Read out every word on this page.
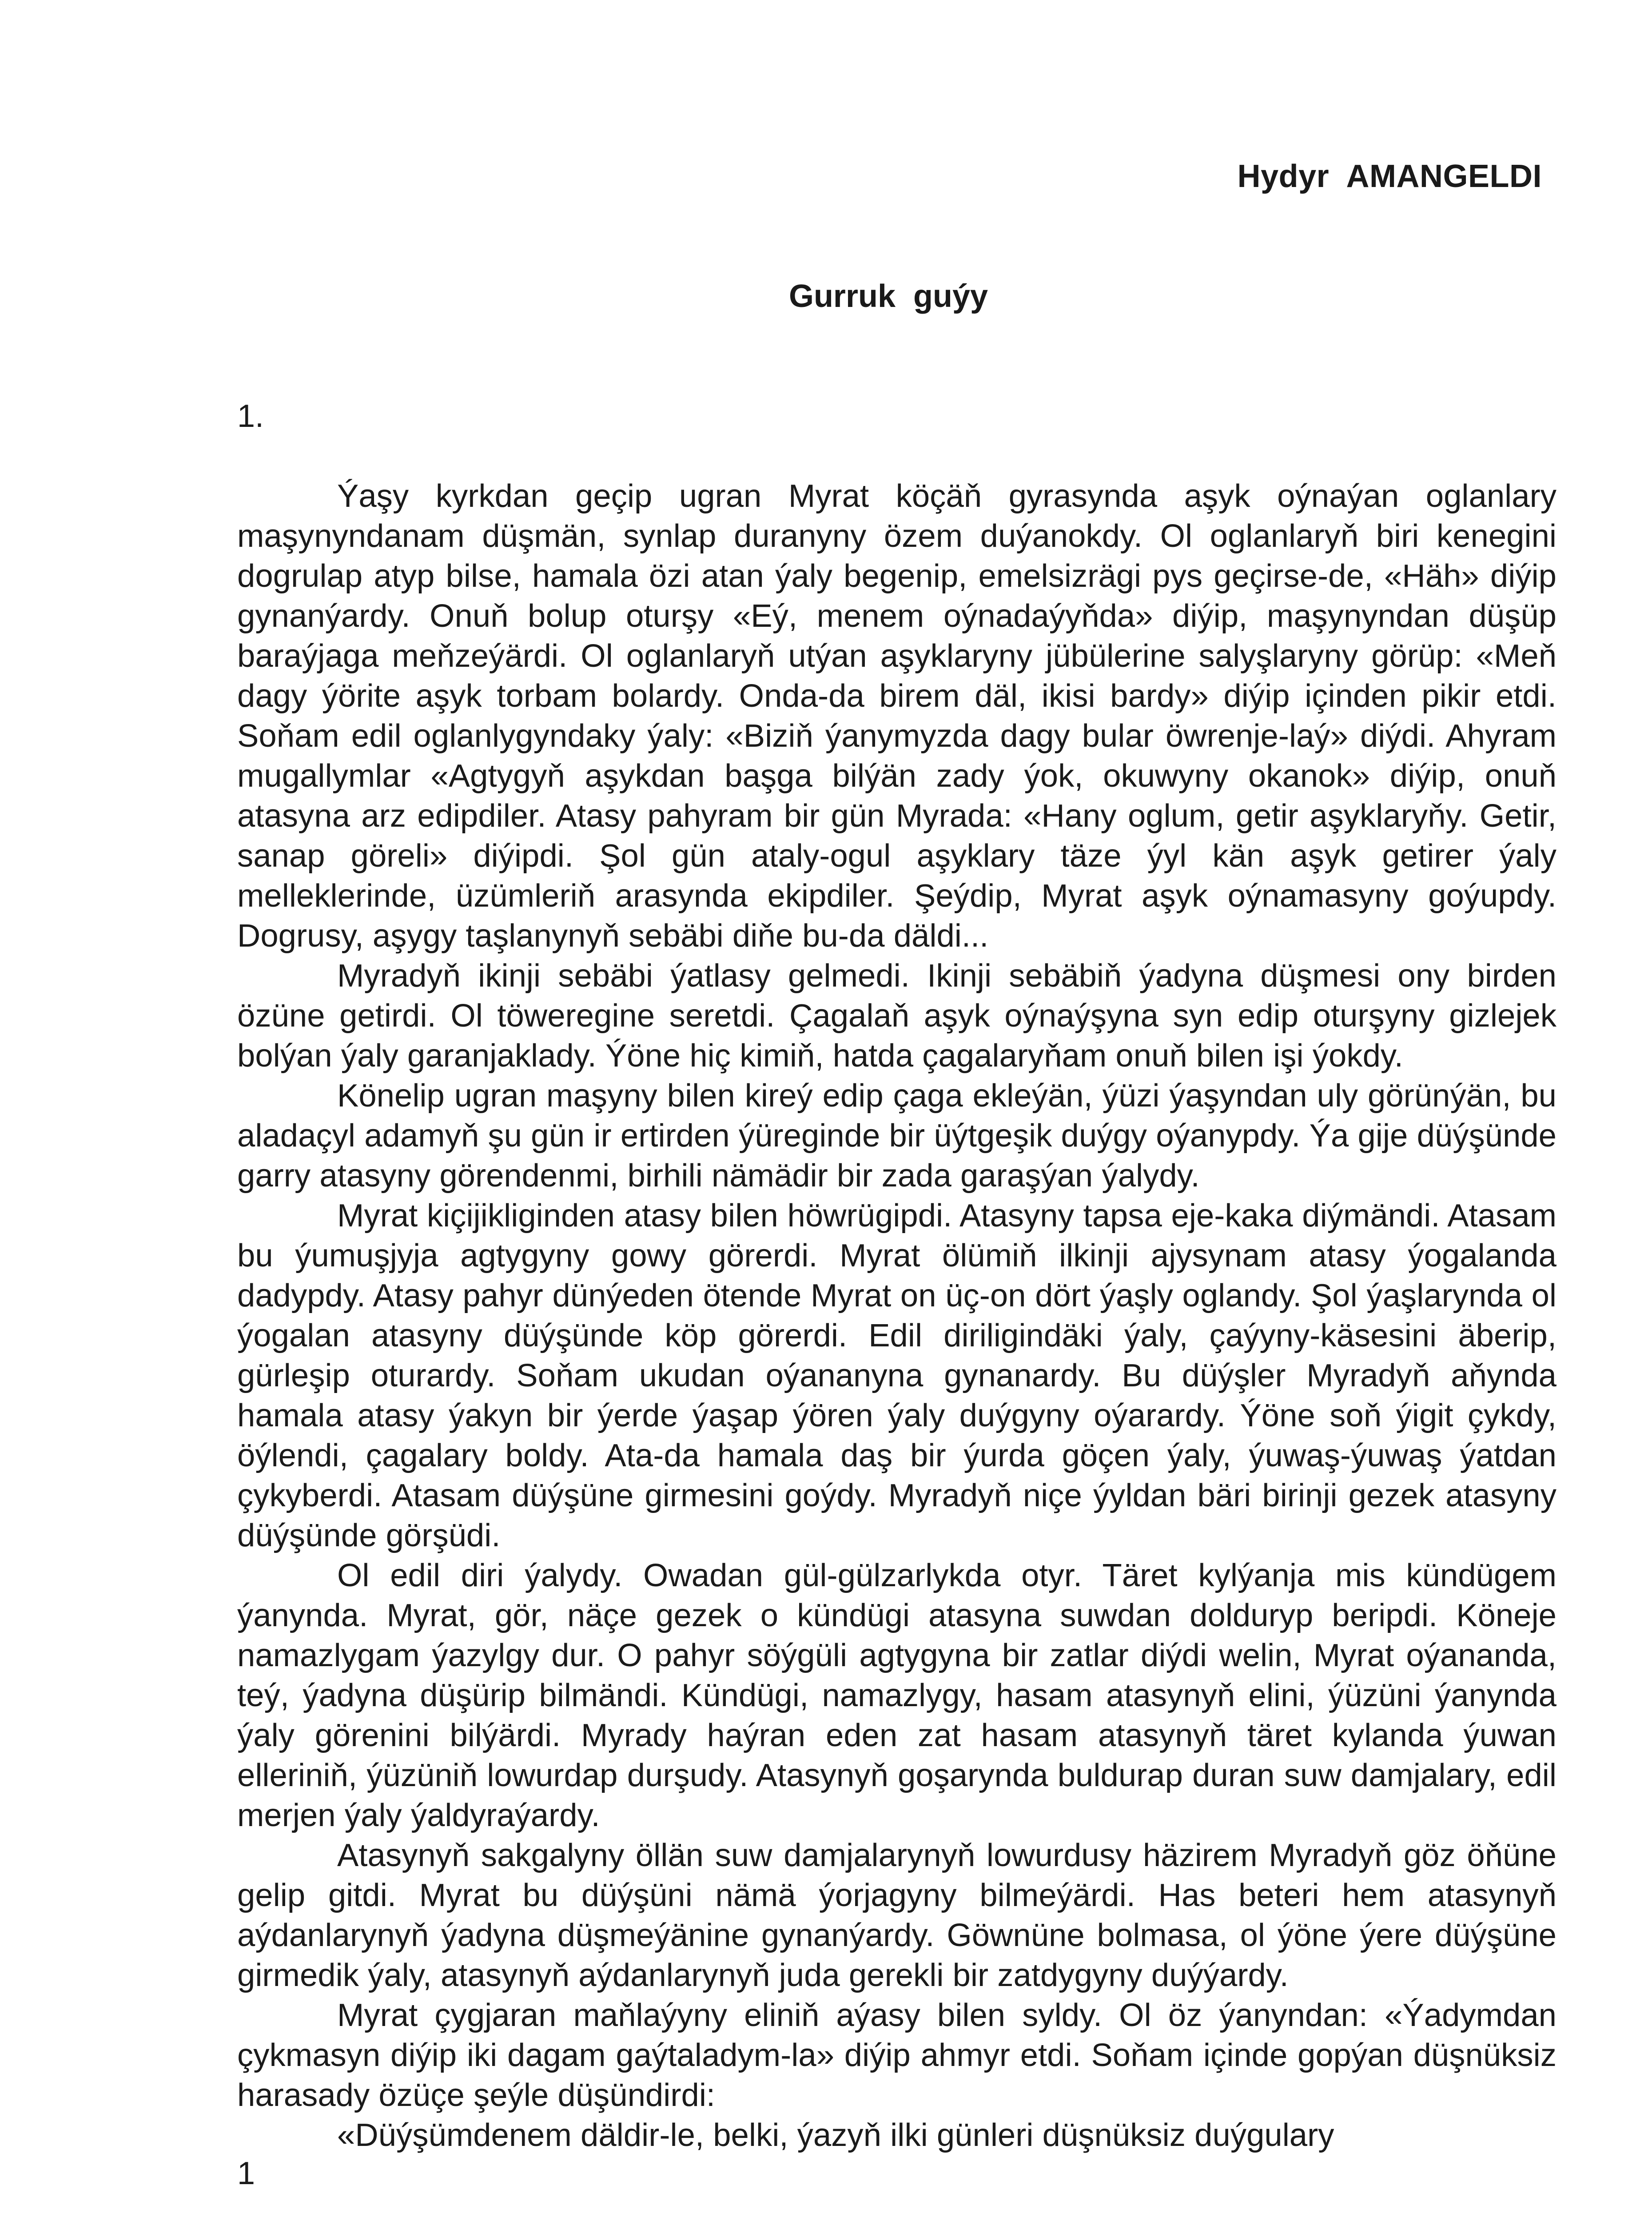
Hydyr  AMANGELDI
Gurruk  guýy
1.

Ýaşy kyrkdan geçip ugran Myrat köçäň gyrasynda aşyk oýnaýan oglanlary maşynyndanam düşmän, synlap duranyny özem duýanokdy. Ol oglanlaryň biri kenegini dogrulap atyp bilse, hamala özi atan ýaly begenip, emelsizrägi pys geçirse-de, «Häh» diýip gynanýardy. Onuň bolup oturşy «Eý, menem oýnadaýyňda» diýip, maşynyndan düşüp baraýjaga meňzeýärdi. Ol oglanlaryň utýan aşyklaryny jübülerine salyşlaryny görüp: «Meň dagy ýörite aşyk torbam bolardy. Onda-da birem däl, ikisi bardy» diýip içinden pikir etdi. Soňam edil oglanlygyndaky ýaly: «Biziň ýanymyzda dagy bular öwrenje-laý» diýdi. Ahyram mugallymlar «Agtygyň aşykdan başga bilýän zady ýok, okuwyny okanok» diýip, onuň atasyna arz edipdiler. Atasy pahyram bir gün Myrada: «Hany oglum, getir aşyklaryňy. Getir, sanap göreli» diýipdi. Şol gün ataly-ogul aşyklary täze ýyl kän aşyk getirer ýaly melleklerinde, üzümleriň arasynda ekipdiler. Şeýdip, Myrat aşyk oýnamasyny goýupdy. Dogrusy, aşygy taşlanynyň sebäbi diňe bu-da däldi...

Myradyň ikinji sebäbi ýatlasy gelmedi. Ikinji sebäbiň ýadyna düşmesi ony birden özüne getirdi. Ol töweregine seretdi. Çagalaň aşyk oýnaýşyna syn edip oturşyny gizlejek bolýan ýaly garanjaklady. Ýöne hiç kimiň, hatda çagalaryňam onuň bilen işi ýokdy.

Könelip ugran maşyny bilen kireý edip çaga ekleýän, ýüzi ýaşyndan uly görünýän, bu aladaçyl adamyň şu gün ir ertirden ýüreginde bir üýtgeşik duýgy oýanypdy. Ýa gije düýşünde garry atasyny görendenmi, birhili nämädir bir zada garaşýan ýalydy.

Myrat kiçijikliginden atasy bilen höwrügipdi. Atasyny tapsa eje-kaka diýmändi. Atasam bu ýumuşjyja agtygyny gowy görerdi. Myrat ölümiň ilkinji ajysynam atasy ýogalanda dadypdy. Atasy pahyr dünýeden ötende Myrat on üç-on dört ýaşly oglandy. Şol ýaşlarynda ol ýogalan atasyny düýşünde köp görerdi. Edil diriligindäki ýaly, çaýyny-käsesini äberip, gürleşip oturardy. Soňam ukudan oýananyna gynanardy. Bu düýşler Myradyň aňynda hamala atasy ýakyn bir ýerde ýaşap ýören ýaly duýgyny oýarardy. Ýöne soň ýigit çykdy, öýlendi, çagalary boldy. Ata-da hamala daş bir ýurda göçen ýaly, ýuwaş-ýuwaş ýatdan çykyberdi. Atasam düýşüne girmesini goýdy. Myradyň niçe ýyldan bäri birinji gezek atasyny düýşünde görşüdi.

Ol edil diri ýalydy. Owadan gül-gülzarlykda otyr. Täret kylýanja mis kündügem ýanynda. Myrat, gör, näçe gezek o kündügi atasyna suwdan dolduryp beripdi. Köneje namazlygam ýazylgy dur. O pahyr söýgüli agtygyna bir zatlar diýdi welin, Myrat oýananda, teý, ýadyna düşürip bilmändi. Kündügi, namazlygy, hasam atasynyň elini, ýüzüni ýanynda ýaly görenini bilýärdi. Myrady haýran eden zat hasam atasynyň täret kylanda ýuwan elleriniň, ýüzüniň lowurdap durşudy. Atasynyň goşarynda buldurap duran suw damjalary, edil merjen ýaly ýaldyraýardy.

Atasynyň sakgalyny öllän suw damjalarynyň lowurdusy häzirem Myradyň göz öňüne gelip gitdi. Myrat bu düýşüni nämä ýorjagyny bilmeýärdi. Has beteri hem atasynyň aýdanlarynyň ýadyna düşmeýänine gynanýardy. Göwnüne bolmasa, ol ýöne ýere düýşüne girmedik ýaly, atasynyň aýdanlarynyň juda gerekli bir zatdygyny duýýardy.

Myrat çygjaran maňlaýyny eliniň aýasy bilen syldy. Ol öz ýanyndan: «Ýadymdan çykmasyn diýip iki dagam gaýtaladym-la» diýip ahmyr etdi. Soňam içinde gopýan düşnüksiz harasady özüçe şeýle düşündirdi:

«Düýşümdenem däldir-le, belki, ýazyň ilki günleri düşnüksiz duýgulary

1
